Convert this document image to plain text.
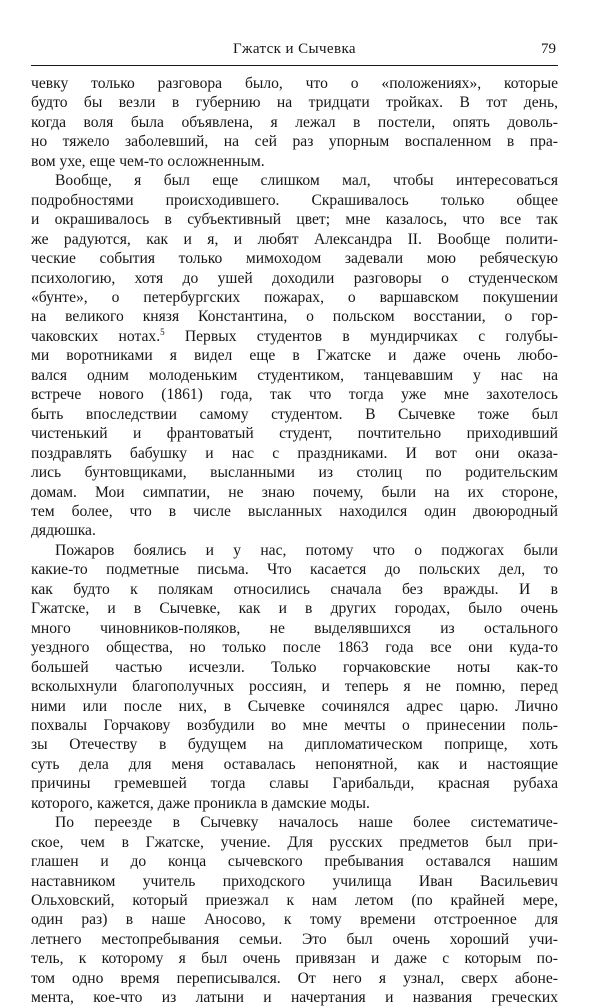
Гжатск и Сычевка	79
чевку только разговора было, что о «положениях», которые
будто бы везли в губернию на тридцати тройках. В тот день,
когда воля была объявлена, я лежал в постели, опять доволь-
но тяжело заболевший, на сей раз упорным воспаленном в пра-
вом ухе, еще чем-то осложненным.
Вообще, я был еще слишком мал, чтобы интересоваться
подробностями происходившего. Скрашивалось только общее
и окрашивалось в субъективный цвет; мне казалось, что все так
же радуются, как и я, и любят Александра II. Вообще полити-
ческие события только мимоходом задевали мою ребяческую
психологию, хотя до ушей доходили разговоры о студенческом
«бунте», о петербургских пожарах, о варшавском покушении
на великого князя Константина, о польском восстании, о гор-
чаковских нотах.$^5$ Первых студентов в мундирчиках с голубы-
ми воротниками я видел еще в Гжатске и даже очень любо-
вался одним молоденьким студентиком, танцевавшим у нас на
встрече нового (1861) года, так что тогда уже мне захотелось
быть впоследствии самому студентом. В Сычевке тоже был
чистенький и франтоватый студент, почтительно приходивший
поздравлять бабушку и нас с праздниками. И вот они оказа-
лись бунтовщиками, высланными из столиц по родительским
домам. Мои симпатии, не знаю почему, были на их стороне,
тем более, что в числе высланных находился один двоюродный
дядюшка.
Пожаров боялись и у нас, потому что о поджогах были
какие-то подметные письма. Что касается до польских дел, то
как будто к полякам относились сначала без вражды. И в
Гжатске, и в Сычевке, как и в других городах, было очень
много чиновников-поляков, не выделявшихся из остального
уездного общества, но только после 1863 года все они куда-то
большей частью исчезли. Только горчаковские ноты как-то
всколыхнули благополучных россиян, и теперь я не помню, перед
ними или после них, в Сычевке сочинялся адрес царю. Лично
похвалы Горчакову возбудили во мне мечты о принесении поль-
зы Отечеству в будущем на дипломатическом поприще, хоть
суть дела для меня оставалась непонятной, как и настоящие
причины гремевшей тогда славы Гарибальди, красная рубаха
которого, кажется, даже проникла в дамские моды.
По переезде в Сычевку началось наше более систематиче-
ское, чем в Гжатске, учение. Для русских предметов был при-
глашен и до конца сычевского пребывания оставался нашим
наставником учитель приходского училища Иван Васильевич
Ольховский, который приезжал к нам летом (по крайней мере,
один раз) в наше Аносово, к тому времени отстроенное для
летнего местопребывания семьи. Это был очень хороший учи-
тель, к которому я был очень привязан и даже с которым по-
том одно время переписывался. От него я узнал, сверх абоне-
мента, кое-что из латыни и начертания и названия греческих
